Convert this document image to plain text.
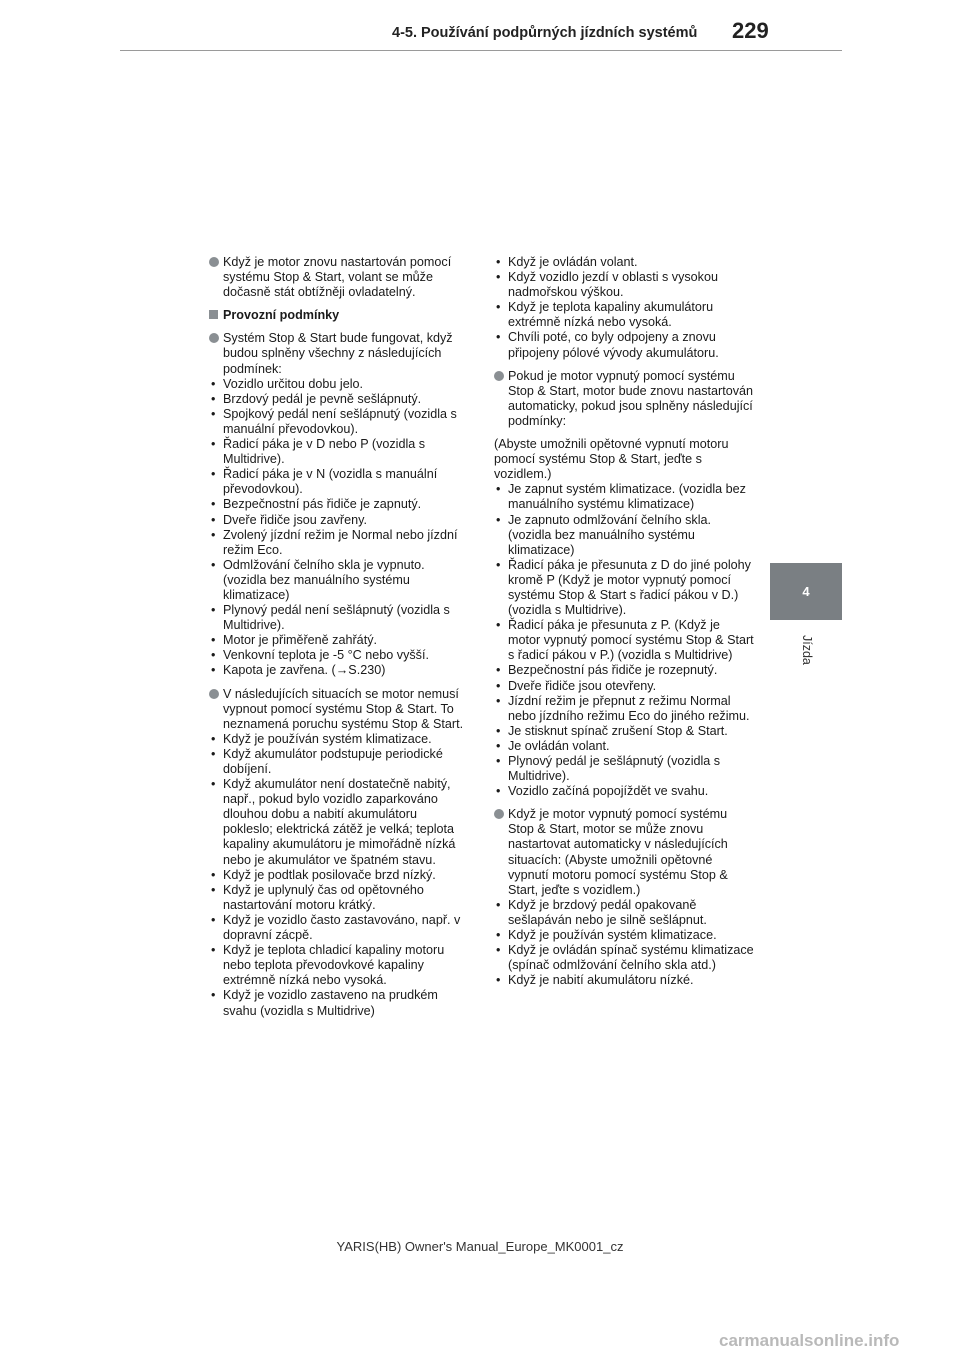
4-5. Používání podpůrných jízdních systémů 229
4
Jízda
Když je motor znovu nastartován pomocí systému Stop & Start, volant se může dočasně stát obtížněji ovladatelný.
Provozní podmínky
Systém Stop & Start bude fungovat, když budou splněny všechny z následujících podmínek:
• Vozidlo určitou dobu jelo.
• Brzdový pedál je pevně sešlápnutý.
• Spojkový pedál není sešlápnutý (vozidla s manuální převodovkou).
• Řadicí páka je v D nebo P (vozidla s Multidrive).
• Řadicí páka je v N (vozidla s manuální převodovkou).
• Bezpečnostní pás řidiče je zapnutý.
• Dveře řidiče jsou zavřeny.
• Zvolený jízdní režim je Normal nebo jízdní režim Eco.
• Odmlžování čelního skla je vypnuto. (vozidla bez manuálního systému klimatizace)
• Plynový pedál není sešlápnutý (vozidla s Multidrive).
• Motor je přiměřeně zahřátý.
• Venkovní teplota je -5 °C nebo vyšší.
• Kapota je zavřena. (→S.230)
V následujících situacích se motor nemusí vypnout pomocí systému Stop & Start. To neznamená poruchu systému Stop & Start.
• Když je používán systém klimatizace.
• Když akumulátor podstupuje periodické dobíjení.
• Když akumulátor není dostatečně nabitý, např., pokud bylo vozidlo zaparkováno dlouhou dobu a nabití akumulátoru pokleslo; elektrická zátěž je velká; teplota kapaliny akumulátoru je mimořádně nízká nebo je akumulátor ve špatném stavu.
• Když je podtlak posilovače brzd nízký.
• Když je uplynulý čas od opětovného nastartování motoru krátký.
• Když je vozidlo často zastavováno, např. v dopravní zácpě.
• Když je teplota chladicí kapaliny motoru nebo teplota převodovkové kapaliny extrémně nízká nebo vysoká.
• Když je vozidlo zastaveno na prudkém svahu (vozidla s Multidrive)
• Když je ovládán volant.
• Když vozidlo jezdí v oblasti s vysokou nadmořskou výškou.
• Když je teplota kapaliny akumulátoru extrémně nízká nebo vysoká.
• Chvíli poté, co byly odpojeny a znovu připojeny pólové vývody akumulátoru.
Pokud je motor vypnutý pomocí systému Stop & Start, motor bude znovu nastartován automaticky, pokud jsou splněny následující podmínky:
(Abyste umožnili opětovné vypnutí motoru pomocí systému Stop & Start, jeďte s vozidlem.)
• Je zapnut systém klimatizace. (vozidla bez manuálního systému klimatizace)
• Je zapnuto odmlžování čelního skla. (vozidla bez manuálního systému klimatizace)
• Řadicí páka je přesunuta z D do jiné polohy kromě P (Když je motor vypnutý pomocí systému Stop & Start s řadicí pákou v D.) (vozidla s Multidrive).
• Řadicí páka je přesunuta z P. (Když je motor vypnutý pomocí systému Stop & Start s řadicí pákou v P.) (vozidla s Multidrive)
• Bezpečnostní pás řidiče je rozepnutý.
• Dveře řidiče jsou otevřeny.
• Jízdní režim je přepnut z režimu Normal nebo jízdního režimu Eco do jiného režimu.
• Je stisknut spínač zrušení Stop & Start.
• Je ovládán volant.
• Plynový pedál je sešlápnutý (vozidla s Multidrive).
• Vozidlo začíná popojíždět ve svahu.
Když je motor vypnutý pomocí systému Stop & Start, motor se může znovu nastartovat automaticky v následujících situacích: (Abyste umožnili opětovné vypnutí motoru pomocí systému Stop & Start, jeďte s vozidlem.)
• Když je brzdový pedál opakovaně sešlapáván nebo je silně sešlápnut.
• Když je používán systém klimatizace.
• Když je ovládán spínač systému klimatizace (spínač odmlžování čelního skla atd.)
• Když je nabití akumulátoru nízké.
YARIS(HB) Owner's Manual_Europe_MK0001_cz
carmanualsonline.info
